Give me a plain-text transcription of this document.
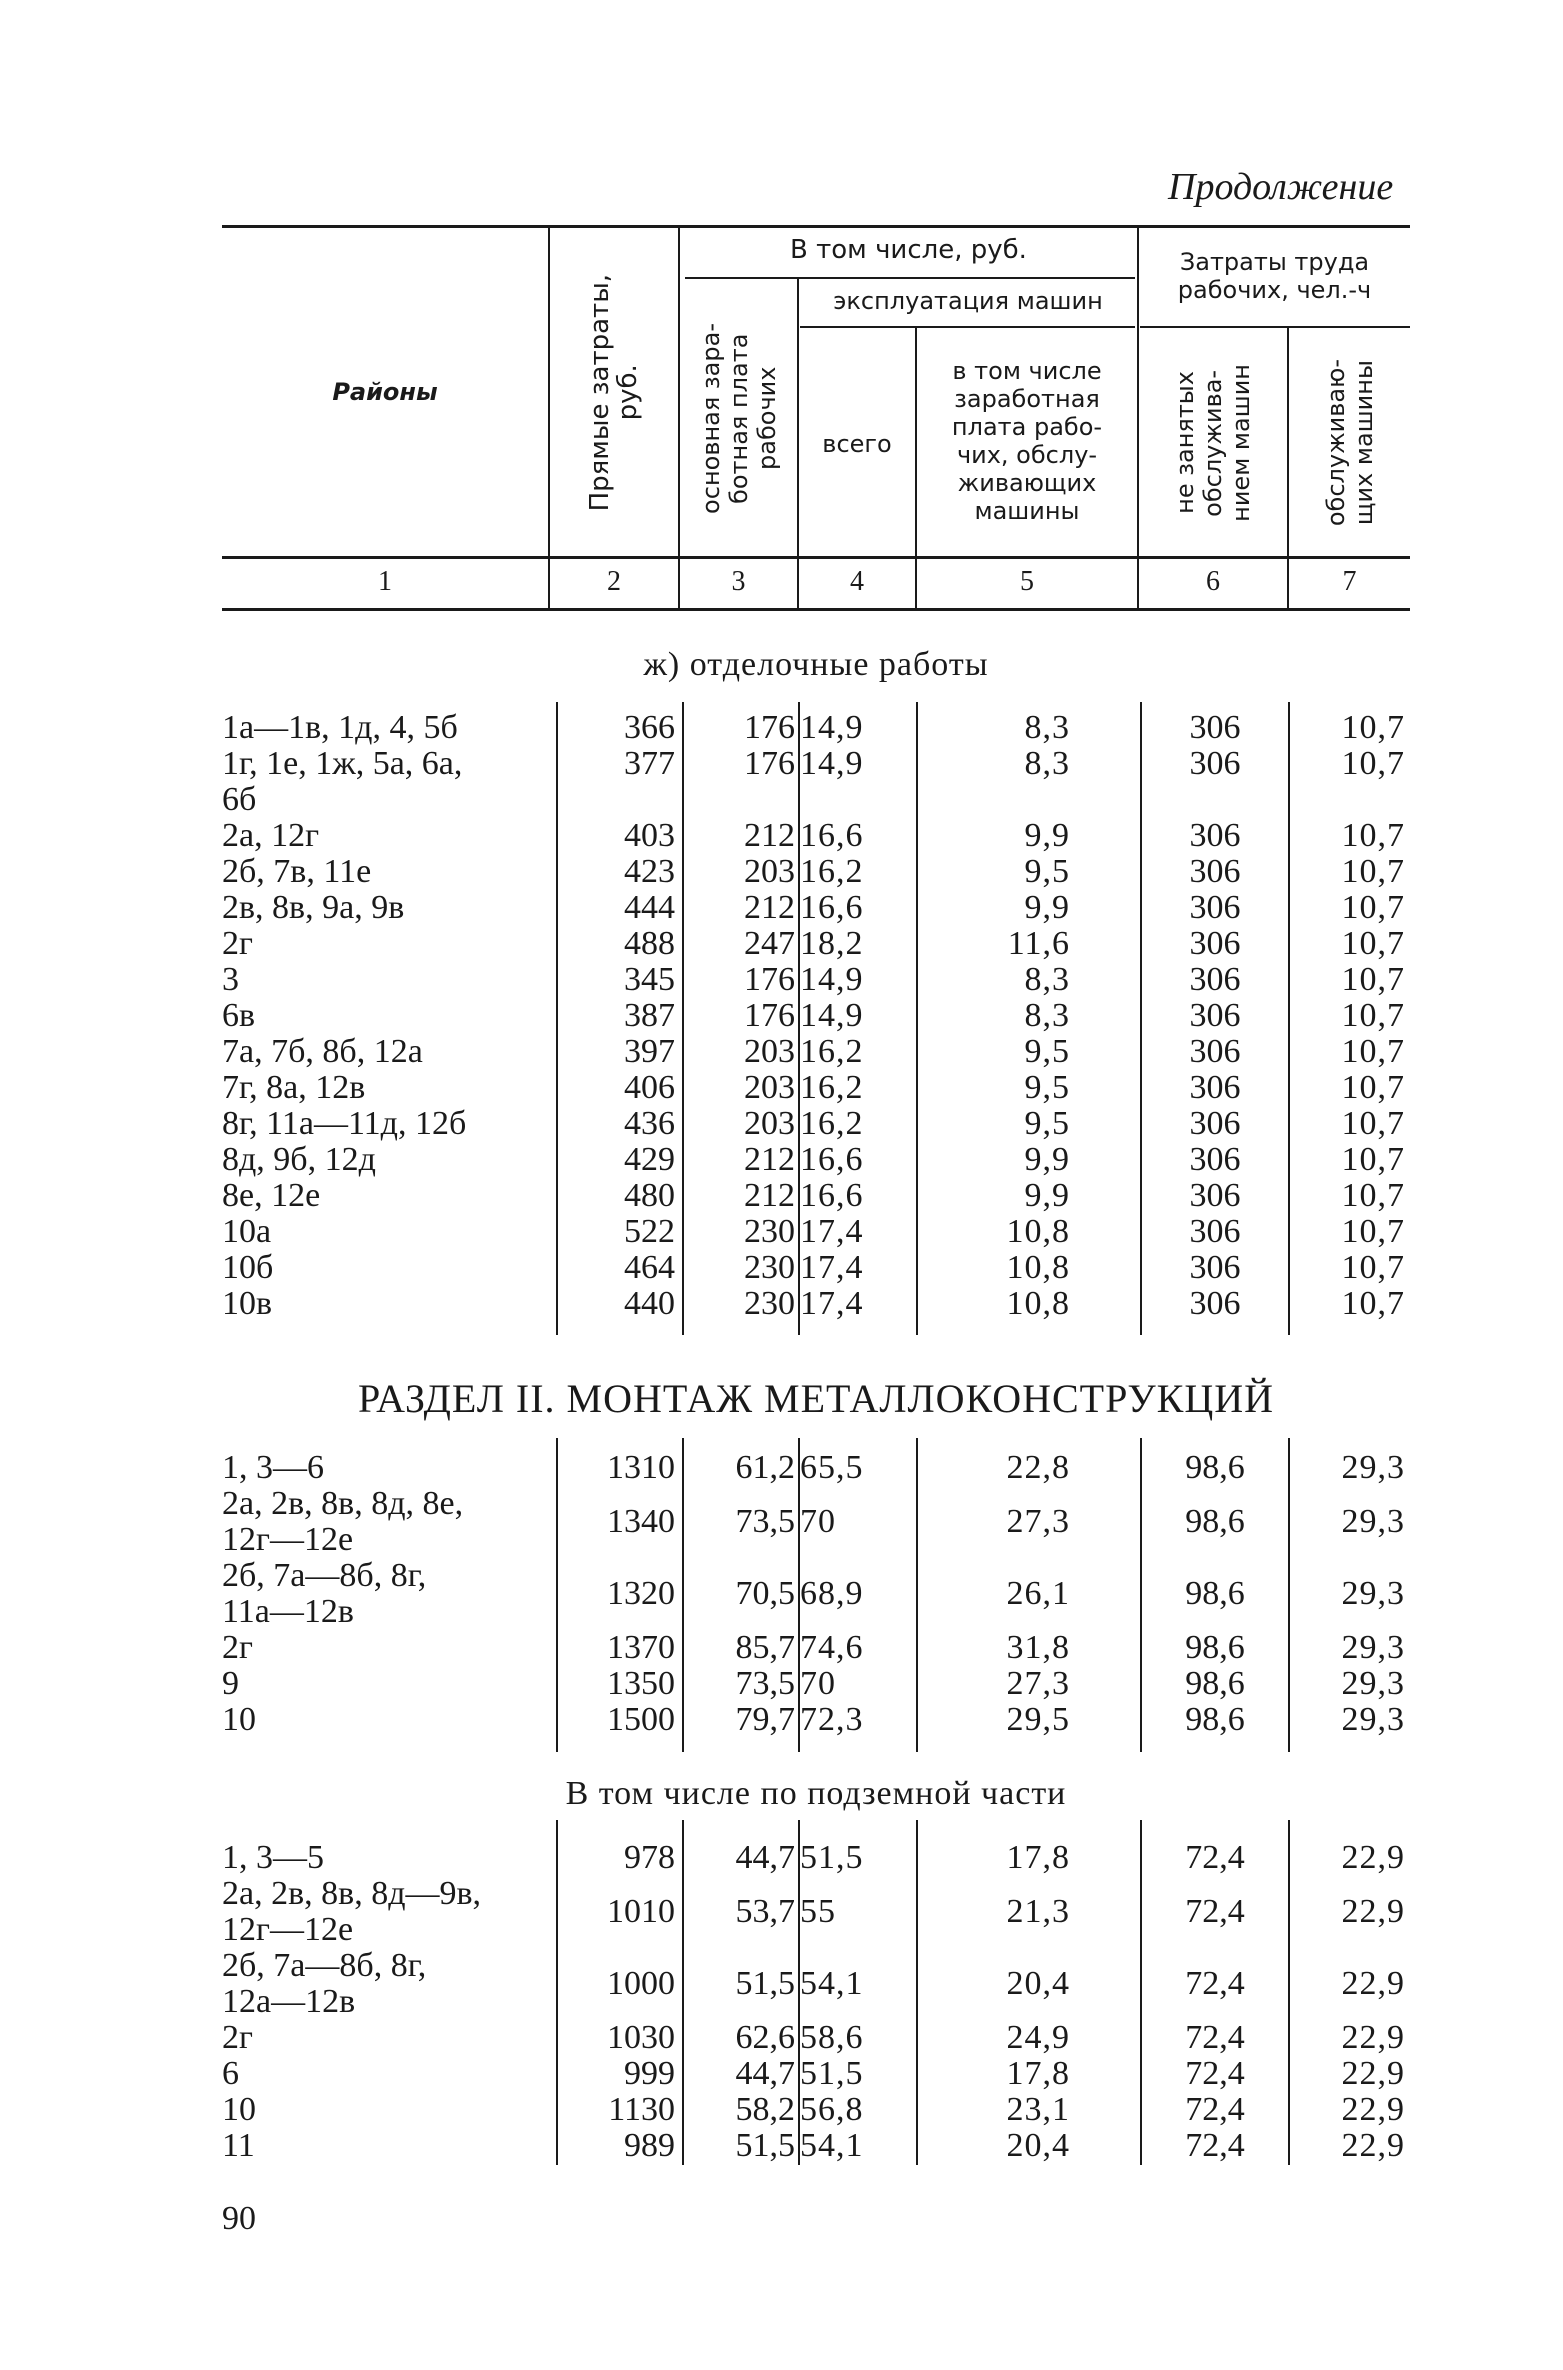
Продолжение
Районы
Прямые затраты,
руб.
В том числе, руб.
основная зара-
ботная плата
рабочих
эксплуатация машин
всего
в том числе
заработная
плата рабо-
чих, обслу-
живающих
машины
Затраты труда
рабочих, чел.-ч
не занятых
обслужива-
нием машин	обслуживаю-
щих машины
1	2	3	4	5	6	7
ж) отделочные работы
РАЗДЕЛ II. МОНТАЖ МЕТАЛЛОКОНСТРУКЦИЙ
В том числе по подземной части
1а—1в, 1д, 4, 5б	366	176 14,9	8,3	306	10,7
1г, 1е, 1ж, 5а, 6а,
6б
377	176 14,9	8,3	306	10,7
2а, 12г	403	212 16,6	9,9	306	10,7
2б, 7в, 11е	423	203 16,2	9,5	306	10,7
2в, 8в, 9а, 9в	444	212 16,6	9,9	306	10,7
2г	488	247 18,2	11,6	306	10,7
3	345	176 14,9	8,3	306	10,7
6в	387	176 14,9	8,3	306	10,7
7а, 7б, 8б, 12а	397	203 16,2	9,5	306	10,7
7г, 8а, 12в	406	203 16,2	9,5	306	10,7
8г, 11а—11д, 12б	436	203 16,2	9,5	306	10,7
8д, 9б, 12д	429	212 16,6	9,9	306	10,7
8е, 12е	480	212 16,6	9,9	306	10,7
10а	522	230 17,4	10,8	306	10,7
10б	464	230 17,4	10,8	306	10,7
10в	440	230 17,4	10,8	306	10,7
1, 3—6	1310	61,2 65,5	22,8	98,6	29,3
2а, 2в, 8в, 8д, 8е,
12г—12е	1340	73,5 70	27,3	98,6	29,3
2б, 7а—8б, 8г,
11а—12в	1320	70,5 68,9	26,1	98,6	29,3
2г	1370	85,7 74,6	31,8	98,6	29,3
9	1350	73,5 70	27,3	98,6	29,3
10	1500	79,7 72,3	29,5	98,6	29,3
1, 3—5	978	44,7 51,5	17,8	72,4	22,9
2а, 2в, 8в, 8д—9в,
12г—12е	1010	53,7 55	21,3	72,4	22,9
2б, 7а—8б, 8г,
12а—12в	1000	51,5 54,1	20,4	72,4	22,9
2г	1030	62,6 58,6	24,9	72,4	22,9
6	999	44,7 51,5	17,8	72,4	22,9
10	1130	58,2 56,8	23,1	72,4	22,9
11	989	51,5 54,1	20,4	72,4	22,9
90
